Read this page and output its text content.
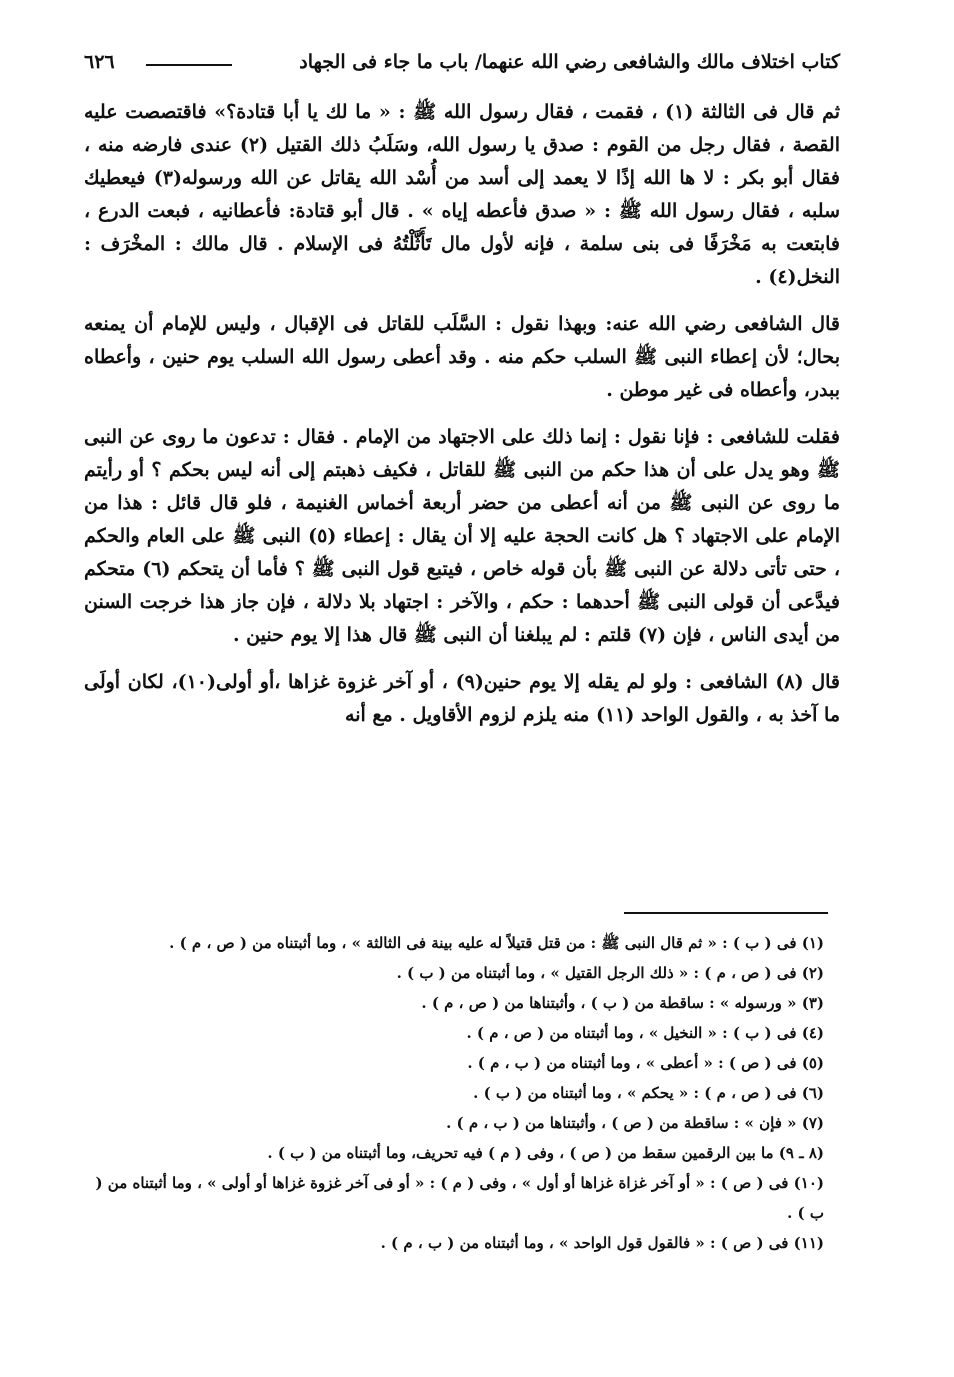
كتاب اختلاف مالك والشافعى رضي الله عنهما/ باب ما جاء فى الجهاد
٦٢٦

ثم قال فى الثالثة (١) ، فقمت ، فقال رسول الله ﷺ : « ما لك يا أبا قتادة؟» فاقتصصت عليه القصة ، فقال رجل من القوم : صدق يا رسول الله، وسَلَبُ ذلك القتيل (٢) عندى فارضه منه ، فقال أبو بكر : لا ها الله إذًا لا يعمد إلى أسد من أُسْد الله يقاتل عن الله ورسوله(٣) فيعطيك سلبه ، فقال رسول الله ﷺ : « صدق فأعطه إياه » . قال أبو قتادة: فأعطانيه ، فبعت الدرع ، فابتعت به مَخْرَفًا فى بنى سلمة ، فإنه لأول مال تَأَثَّلْتُهُ فى الإسلام . قال مالك : المخْرَف : النخل(٤) .

قال الشافعى رضي الله عنه: وبهذا نقول : السَّلَب للقاتل فى الإقبال ، وليس للإمام أن يمنعه بحال؛ لأن إعطاء النبى ﷺ السلب حكم منه . وقد أعطى رسول الله السلب يوم حنين ، وأعطاه ببدر، وأعطاه فى غير موطن .

فقلت للشافعى : فإنا نقول : إنما ذلك على الاجتهاد من الإمام . فقال : تدعون ما روى عن النبى ﷺ وهو يدل على أن هذا حكم من النبى ﷺ للقاتل ، فكيف ذهبتم إلى أنه ليس بحكم ؟ أو رأيتم ما روى عن النبى ﷺ من أنه أعطى من حضر أربعة أخماس الغنيمة ، فلو قال قائل : هذا من الإمام على الاجتهاد ؟ هل كانت الحجة عليه إلا أن يقال : إعطاء (٥) النبى ﷺ على العام والحكم ، حتى تأتى دلالة عن النبى ﷺ بأن قوله خاص ، فيتبع قول النبى ﷺ ؟ فأما أن يتحكم (٦) متحكم فيدَّعى أن قولى النبى ﷺ أحدهما : حكم ، والآخر : اجتهاد بلا دلالة ، فإن جاز هذا خرجت السنن من أيدى الناس ، فإن (٧) قلتم : لم يبلغنا أن النبى ﷺ قال هذا إلا يوم حنين .

قال (٨) الشافعى : ولو لم يقله إلا يوم حنين(٩) ، أو آخر غزوة غزاها ،أو أولى(١٠)، لكان أولَى ما آخذ به ، والقول الواحد (١١) منه يلزم لزوم الأقاويل . مع أنه

(١) فى ( ب ) : « ثم قال النبى ﷺ : من قتل قتيلاً له عليه بينة فى الثالثة » ، وما أثبتناه من ( ص ، م ) .
(٢) فى ( ص ، م ) : « ذلك الرجل القتيل » ، وما أثبتناه من ( ب ) .
(٣) « ورسوله » : ساقطة من ( ب ) ، وأثبتناها من ( ص ، م ) .
(٤) فى ( ب ) : « النخيل » ، وما أثبتناه من ( ص ، م ) .
(٥) فى ( ص ) : « أعطى » ، وما أثبتناه من ( ب ، م ) .
(٦) فى ( ص ، م ) : « يحكم » ، وما أثبتناه من ( ب ) .
(٧) « فإن » : ساقطة من ( ص ) ، وأثبتناها من ( ب ، م ) .
(٨ ـ ٩) ما بين الرقمين سقط من ( ص ) ، وفى ( م ) فيه تحريف، وما أثبتناه من ( ب ) .
(١٠) فى ( ص ) : « أو آخر غزاة غزاها أو أول » ، وفى ( م ) : « أو فى آخر غزوة غزاها أو أولى » ، وما أثبتناه من ( ب ) .
(١١) فى ( ص ) : « فالقول قول الواحد » ، وما أثبتناه من ( ب ، م ) .
